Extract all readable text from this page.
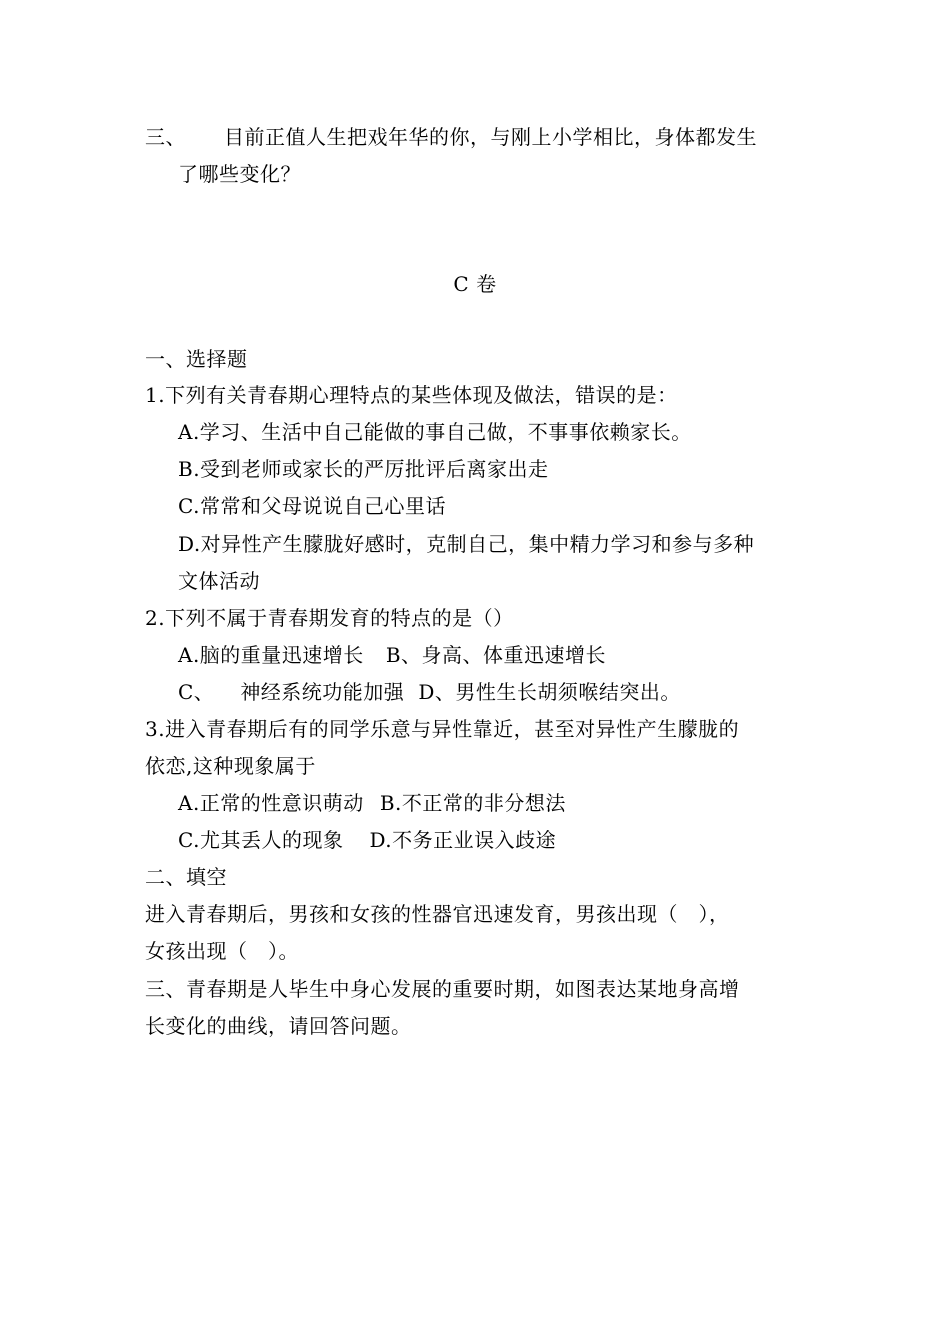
三、 目前正值人生把戏年华的你，与刚上小学相比，身体都发生
了哪些变化？
C 卷
一、选择题
1.下列有关青春期心理特点的某些体现及做法，错误的是：
A.学习、生活中自己能做的事自己做，不事事依赖家长。
B.受到老师或家长的严厉批评后离家出走
C.常常和父母说说自己心里话
D.对异性产生朦胧好感时，克制自己，集中精力学习和参与多种
文体活动
2.下列不属于青春期发育的特点的是（）
A.脑的重量迅速增长 B、身高、体重迅速增长
C、 神经系统功能加强 D、男性生长胡须喉结突出。
3.进入青春期后有的同学乐意与异性靠近，甚至对异性产生朦胧的
依恋,这种现象属于
A.正常的性意识萌动 B.不正常的非分想法
C.尤其丢人的现象 D.不务正业误入歧途
二、填空
进入青春期后，男孩和女孩的性器官迅速发育，男孩出现（　），
女孩出现（　）。
三、青春期是人毕生中身心发展的重要时期，如图表达某地身高增
长变化的曲线，请回答问题。
